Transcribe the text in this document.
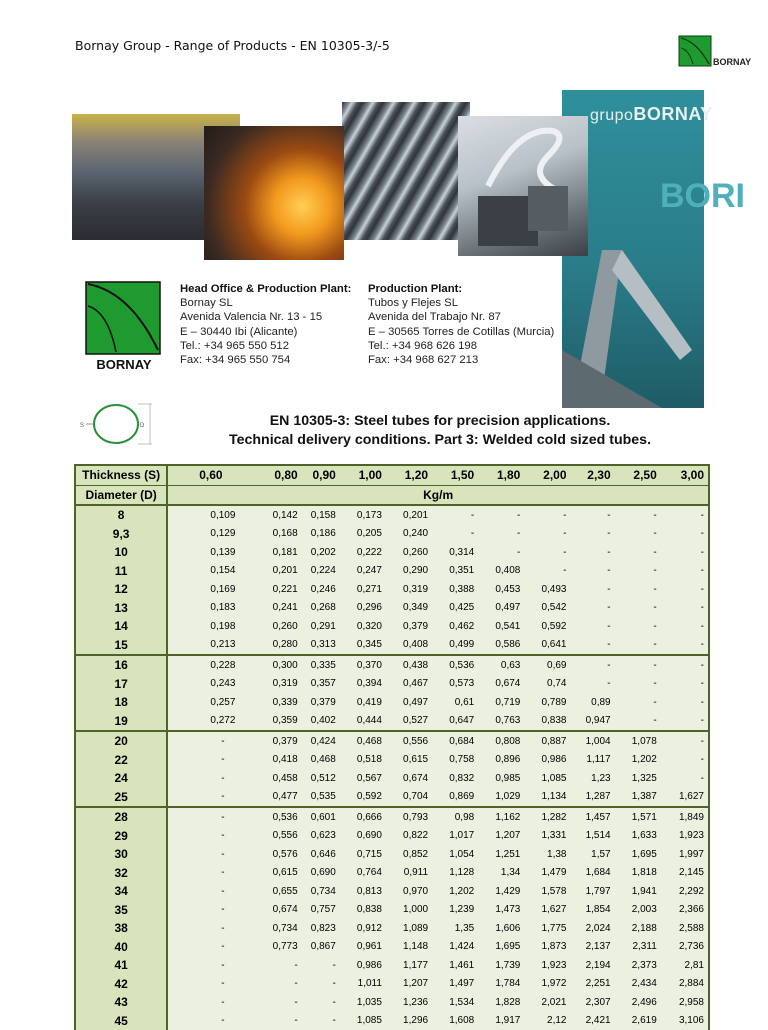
Bornay Group - Range of Products - EN 10305-3/-5
BORNAY
grupoBORNAY
BORI
BORNAY
Head Office & Production Plant:
Bornay SL
Avenida Valencia Nr. 13 - 15
E – 30440 Ibi (Alicante)
Tel.: +34 965 550 512
Fax: +34 965 550 754
Production Plant:
Tubos y Flejes SL
Avenida del Trabajo Nr. 87
E – 30565 Torres de Cotillas (Murcia)
Tel.: +34 968 626 198
Fax: +34 968 627 213
S	D	EN 10305-3: Steel tubes for precision applications.
Technical delivery conditions. Part 3: Welded cold sized tubes.
Thickness (S)	0,60	0,80	0,90	1,00	1,20	1,50	1,80	2,00	2,30	2,50	3,00
Diameter (D)	Kg/m										
8	0,109	0,142	0,158	0,173	0,201	-	-	-	-	-	-
9,3	0,129	0,168	0,186	0,205	0,240	-	-	-	-	-	-
10	0,139	0,181	0,202	0,222	0,260	0,314	-	-	-	-	-
11	0,154	0,201	0,224	0,247	0,290	0,351	0,408	-	-	-	-
12	0,169	0,221	0,246	0,271	0,319	0,388	0,453	0,493	-	-	-
13	0,183	0,241	0,268	0,296	0,349	0,425	0,497	0,542	-	-	-
14	0,198	0,260	0,291	0,320	0,379	0,462	0,541	0,592	-	-	-
15	0,213	0,280	0,313	0,345	0,408	0,499	0,586	0,641	-	-	-
16	0,228	0,300	0,335	0,370	0,438	0,536	0,63	0,69	-	-	-
17	0,243	0,319	0,357	0,394	0,467	0,573	0,674	0,74	-	-	-
18	0,257	0,339	0,379	0,419	0,497	0,61	0,719	0,789	0,89	-	-
19	0,272	0,359	0,402	0,444	0,527	0,647	0,763	0,838	0,947	-	-
20	-	0,379	0,424	0,468	0,556	0,684	0,808	0,887	1,004	1,078	-
22	-	0,418	0,468	0,518	0,615	0,758	0,896	0,986	1,117	1,202	-
24	-	0,458	0,512	0,567	0,674	0,832	0,985	1,085	1,23	1,325	-
25	-	0,477	0,535	0,592	0,704	0,869	1,029	1,134	1,287	1,387	1,627
28	-	0,536	0,601	0,666	0,793	0,98	1,162	1,282	1,457	1,571	1,849
29	-	0,556	0,623	0,690	0,822	1,017	1,207	1,331	1,514	1,633	1,923
30	-	0,576	0,646	0,715	0,852	1,054	1,251	1,38	1,57	1,695	1,997
32	-	0,615	0,690	0,764	0,911	1,128	1,34	1,479	1,684	1,818	2,145
34	-	0,655	0,734	0,813	0,970	1,202	1,429	1,578	1,797	1,941	2,292
35	-	0,674	0,757	0,838	1,000	1,239	1,473	1,627	1,854	2,003	2,366
38	-	0,734	0,823	0,912	1,089	1,35	1,606	1,775	2,024	2,188	2,588
40	-	0,773	0,867	0,961	1,148	1,424	1,695	1,873	2,137	2,311	2,736
41	-	-	-	0,986	1,177	1,461	1,739	1,923	2,194	2,373	2,81
42	-	-	-	1,011	1,207	1,497	1,784	1,972	2,251	2,434	2,884
43	-	-	-	1,035	1,236	1,534	1,828	2,021	2,307	2,496	2,958
45	-	-	-	1,085	1,296	1,608	1,917	2,12	2,421	2,619	3,106
